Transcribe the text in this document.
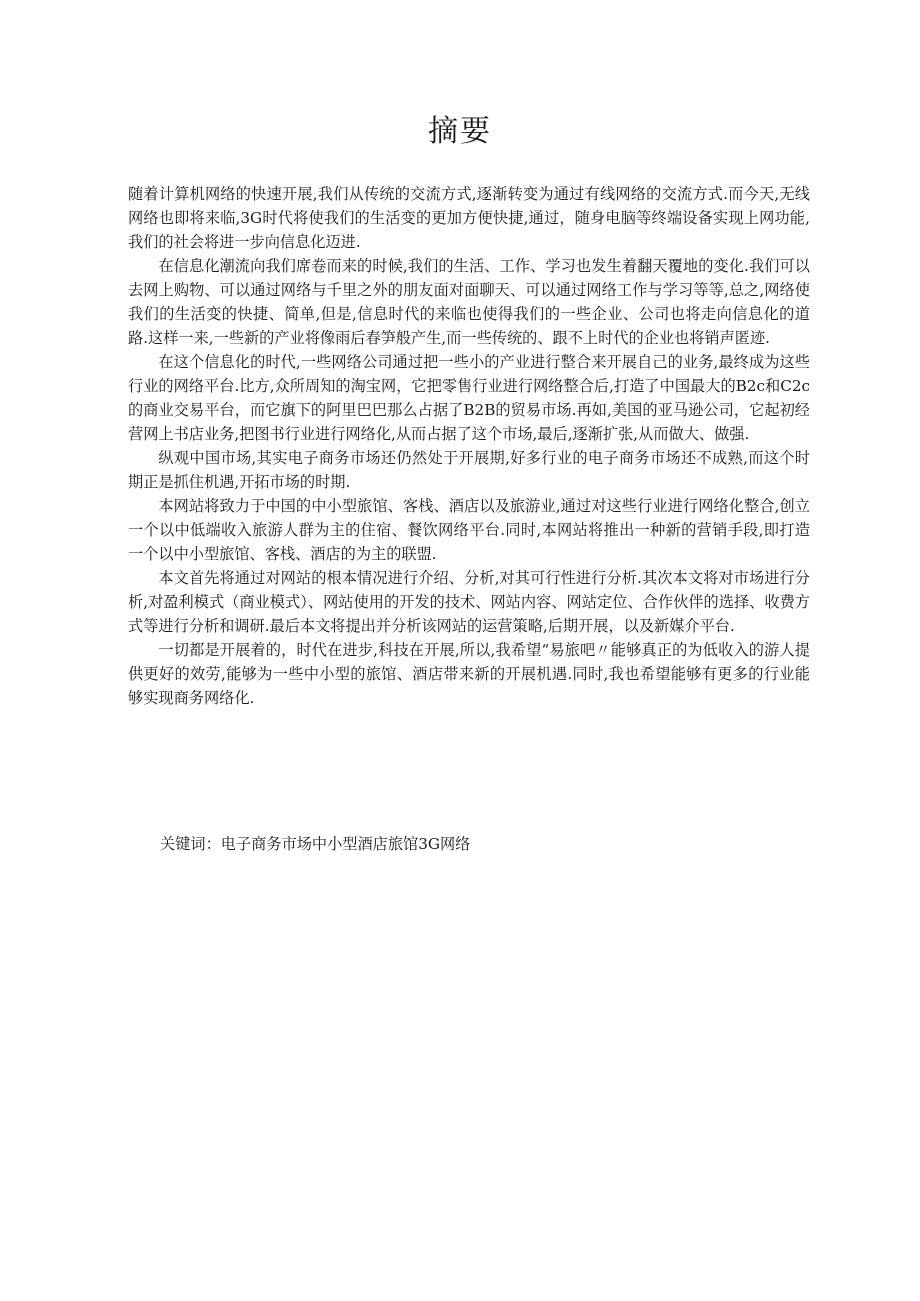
摘要

随着计算机网络的快速开展,我们从传统的交流方式,逐渐转变为通过有线网络的交流方式.而今天,无线网络也即将来临,3G时代将使我们的生活变的更加方便快捷,通过，随身电脑等终端设备实现上网功能,我们的社会将进一步向信息化迈进.

在信息化潮流向我们席卷而来的时候,我们的生活、工作、学习也发生着翻天覆地的变化.我们可以去网上购物、可以通过网络与千里之外的朋友面对面聊天、可以通过网络工作与学习等等,总之,网络使我们的生活变的快捷、简单,但是,信息时代的来临也使得我们的一些企业、公司也将走向信息化的道路.这样一来,一些新的产业将像雨后春笋般产生,而一些传统的、跟不上时代的企业也将销声匿迹.

在这个信息化的时代,一些网络公司通过把一些小的产业进行整合来开展自己的业务,最终成为这些行业的网络平台.比方,众所周知的淘宝网，它把零售行业进行网络整合后,打造了中国最大的B2c和C2c的商业交易平台，而它旗下的阿里巴巴那么占据了B2B的贸易市场.再如,美国的亚马逊公司，它起初经营网上书店业务,把图书行业进行网络化,从而占据了这个市场,最后,逐渐扩张,从而做大、做强.

纵观中国市场,其实电子商务市场还仍然处于开展期,好多行业的电子商务市场还不成熟,而这个时期正是抓住机遇,开拓市场的时期.

本网站将致力于中国的中小型旅馆、客栈、酒店以及旅游业,通过对这些行业进行网络化整合,创立一个以中低端收入旅游人群为主的住宿、餐饮网络平台.同时,本网站将推出一种新的营销手段,即打造一个以中小型旅馆、客栈、酒店的为主的联盟.

本文首先将通过对网站的根本情况进行介绍、分析,对其可行性进行分析.其次本文将对市场进行分析,对盈利模式（商业模式）、网站使用的开发的技术、网站内容、网站定位、合作伙伴的选择、收费方式等进行分析和调研.最后本文将提出并分析该网站的运营策略,后期开展，以及新媒介平台.

一切都是开展着的，时代在进步,科技在开展,所以,我希望“易旅吧〃能够真正的为低收入的游人提供更好的效劳,能够为一些中小型的旅馆、酒店带来新的开展机遇.同时,我也希望能够有更多的行业能够实现商务网络化.

关键词：电子商务市场中小型酒店旅馆3G网络
